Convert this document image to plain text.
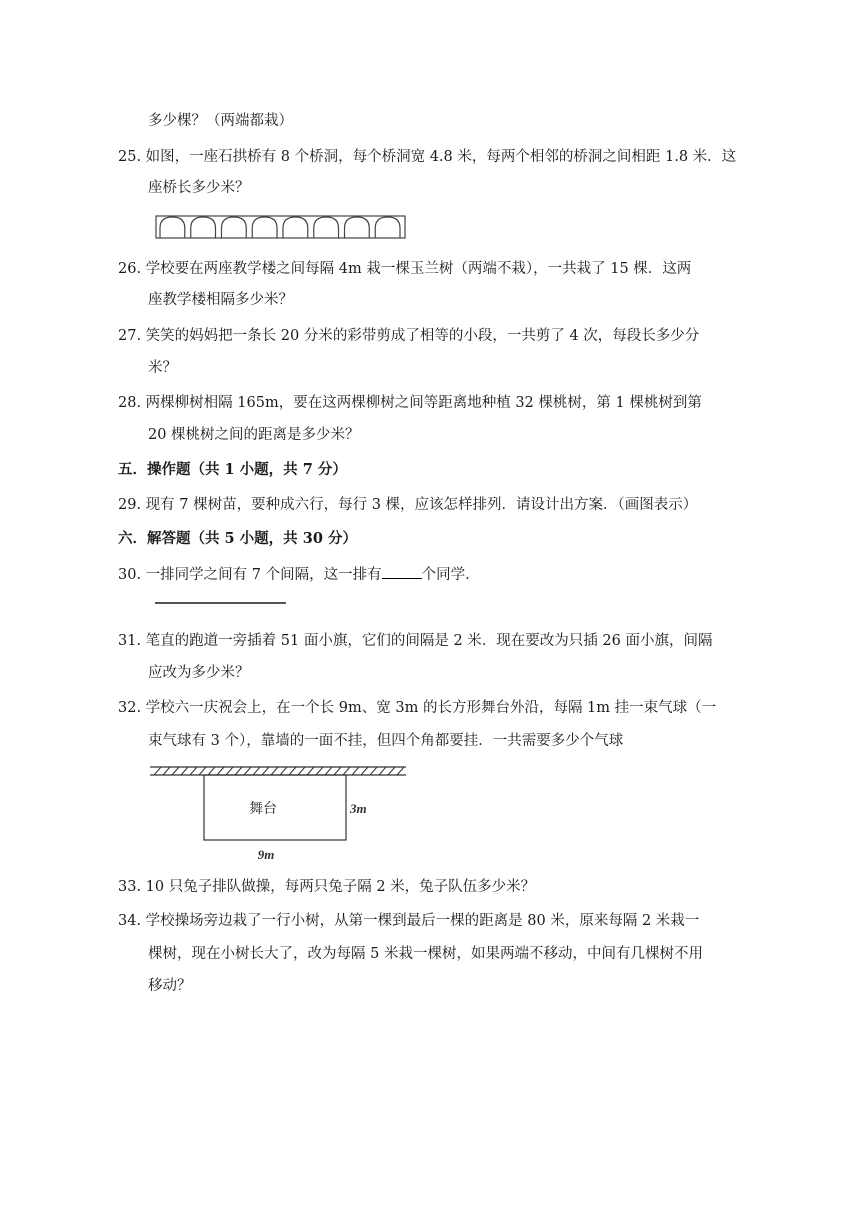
多少棵？（两端都栽）
25. 如图，一座石拱桥有 8 个桥洞，每个桥洞宽 4.8 米，每两个相邻的桥洞之间相距 1.8 米．这
座桥长多少米？
26. 学校要在两座教学楼之间每隔 4m 栽一棵玉兰树（两端不栽），一共栽了 15 棵．这两
座教学楼相隔多少米？
27. 笑笑的妈妈把一条长 20 分米的彩带剪成了相等的小段，一共剪了 4 次，每段长多少分
米？
28. 两棵柳树相隔 165m，要在这两棵柳树之间等距离地种植 32 棵桃树，第 1 棵桃树到第
20 棵桃树之间的距离是多少米？
五．操作题（共 1 小题，共 7 分）
29. 现有 7 棵树苗，要种成六行，每行 3 棵，应该怎样排列．请设计出方案．（画图表示）
六．解答题（共 5 小题，共 30 分）
30. 一排同学之间有 7 个间隔，这一排有	个同学．
31. 笔直的跑道一旁插着 51 面小旗，它们的间隔是 2 米．现在要改为只插 26 面小旗，间隔
应改为多少米？
32. 学校六一庆祝会上，在一个长 9m、宽 3m 的长方形舞台外沿，每隔 1m 挂一束气球（一
束气球有 3 个），靠墙的一面不挂，但四个角都要挂．一共需要多少个气球
舞台	3m
9m
33. 10 只兔子排队做操，每两只兔子隔 2 米，兔子队伍多少米？
34. 学校操场旁边栽了一行小树，从第一棵到最后一棵的距离是 80 米，原来每隔 2 米栽一
棵树，现在小树长大了，改为每隔 5 米栽一棵树，如果两端不移动，中间有几棵树不用
移动？
